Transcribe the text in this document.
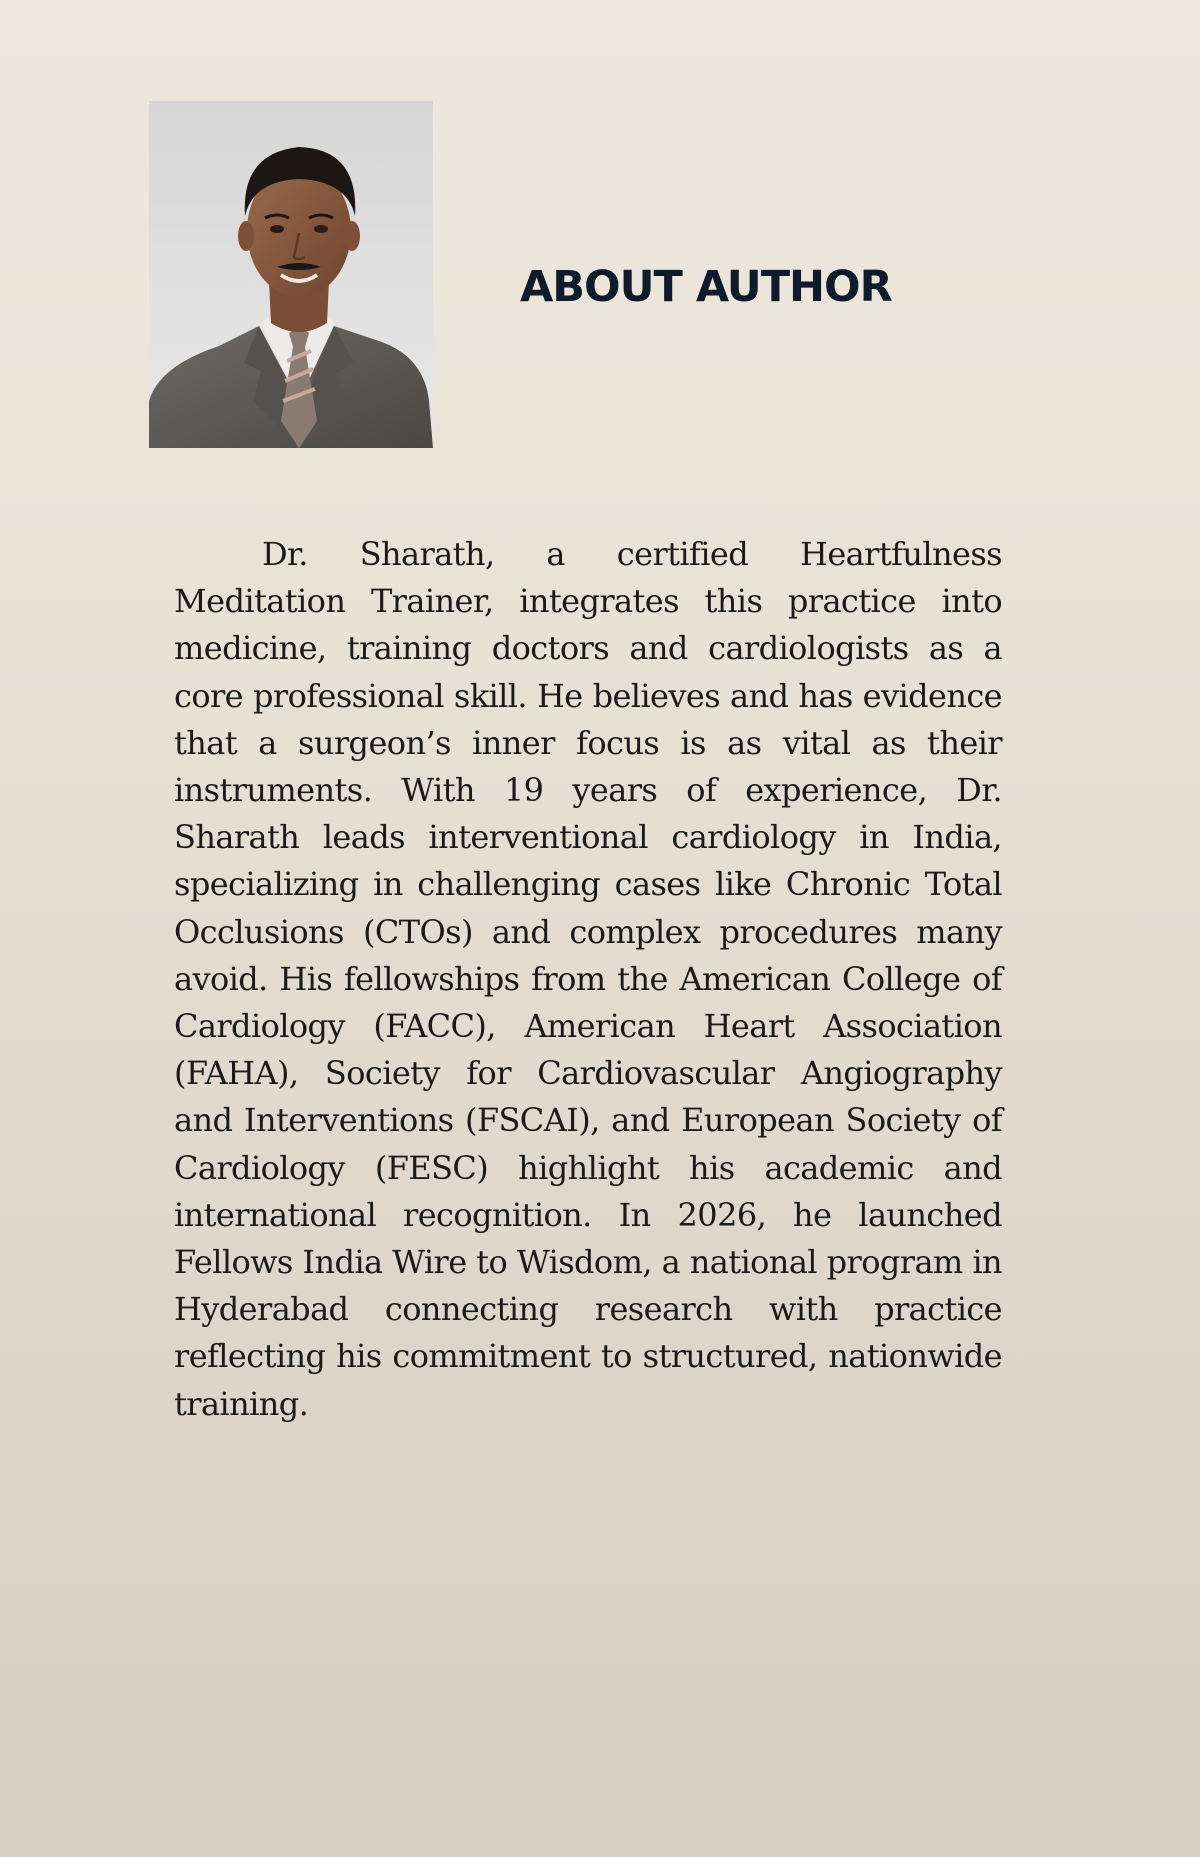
ABOUT AUTHOR

Dr. Sharath, a certified Heartfulness Meditation Trainer, integrates this practice into medicine, training doctors and cardiologists as a core professional skill. He believes and has evidence that a surgeon’s inner focus is as vital as their instruments. With 19 years of experience, Dr. Sharath leads interventional cardiology in India, specializing in challenging cases like Chronic Total Occlusions (CTOs) and complex procedures many avoid. His fellowships from the American College of Cardiology (FACC), American Heart Association (FAHA), Society for Cardiovascular Angiography and Interventions (FSCAI), and European Society of Cardiology (FESC) highlight his academic and international recognition. In 2026, he launched Fellows India Wire to Wisdom, a national program in Hyderabad connecting research with practice reflecting his commitment to structured, nationwide training.
